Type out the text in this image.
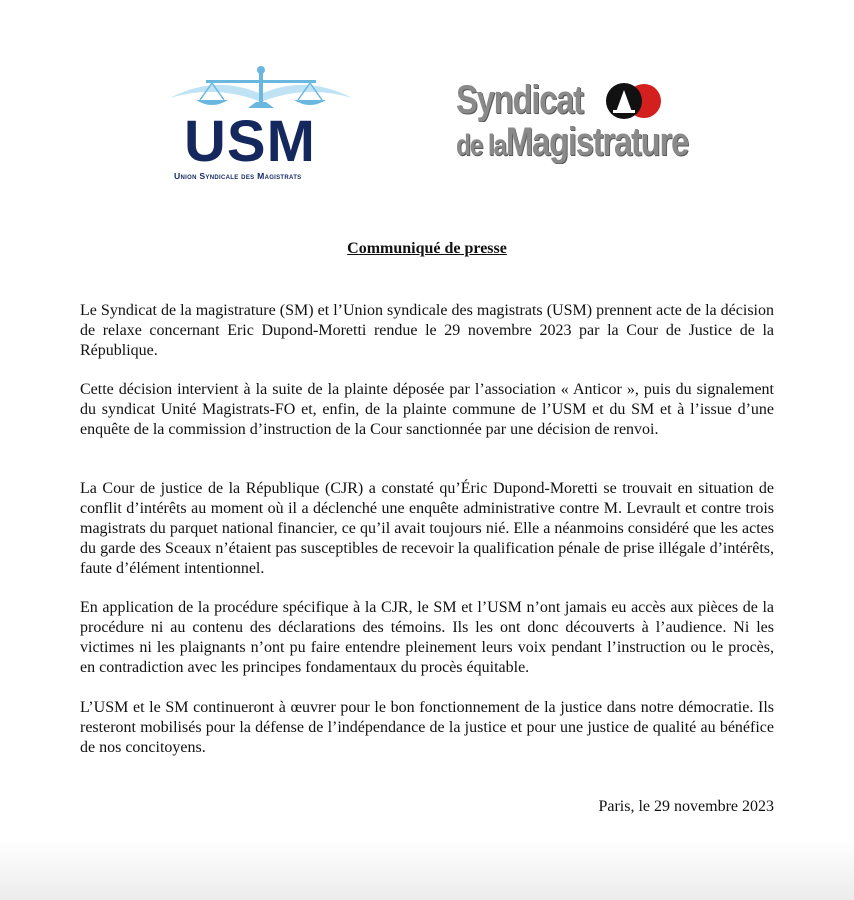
USM
Union Syndicale des Magistrats
Syndicat
de laMagistrature
Communiqué de presse
Le Syndicat de la magistrature (SM) et l’Union syndicale des magistrats (USM) prennent acte de la décision de relaxe concernant Eric Dupond-Moretti rendue le 29 novembre 2023 par la Cour de Justice de la République.
Cette décision intervient à la suite de la plainte déposée par l’association « Anticor », puis du signalement du syndicat Unité Magistrats-FO et, enfin, de la plainte commune de l’USM et du SM et à l’issue d’une enquête de la commission d’instruction de la Cour sanctionnée par une décision de renvoi.
La Cour de justice de la République (CJR) a constaté qu’Éric Dupond-Moretti se trouvait en situation de conflit d’intérêts au moment où il a déclenché une enquête administrative contre M. Levrault et contre trois magistrats du parquet national financier, ce qu’il avait toujours nié. Elle a néanmoins considéré que les actes du garde des Sceaux n’étaient pas susceptibles de recevoir la qualification pénale de prise illégale d’intérêts, faute d’élément intentionnel.
En application de la procédure spécifique à la CJR, le SM et l’USM n’ont jamais eu accès aux pièces de la procédure ni au contenu des déclarations des témoins. Ils les ont donc découverts à l’audience. Ni les victimes ni les plaignants n’ont pu faire entendre pleinement leurs voix pendant l’instruction ou le procès, en contradiction avec les principes fondamentaux du procès équitable.
L’USM et le SM continueront à œuvrer pour le bon fonctionnement de la justice dans notre démocratie. Ils resteront mobilisés pour la défense de l’indépendance de la justice et pour une justice de qualité au bénéfice de nos concitoyens.
Paris, le 29 novembre 2023
